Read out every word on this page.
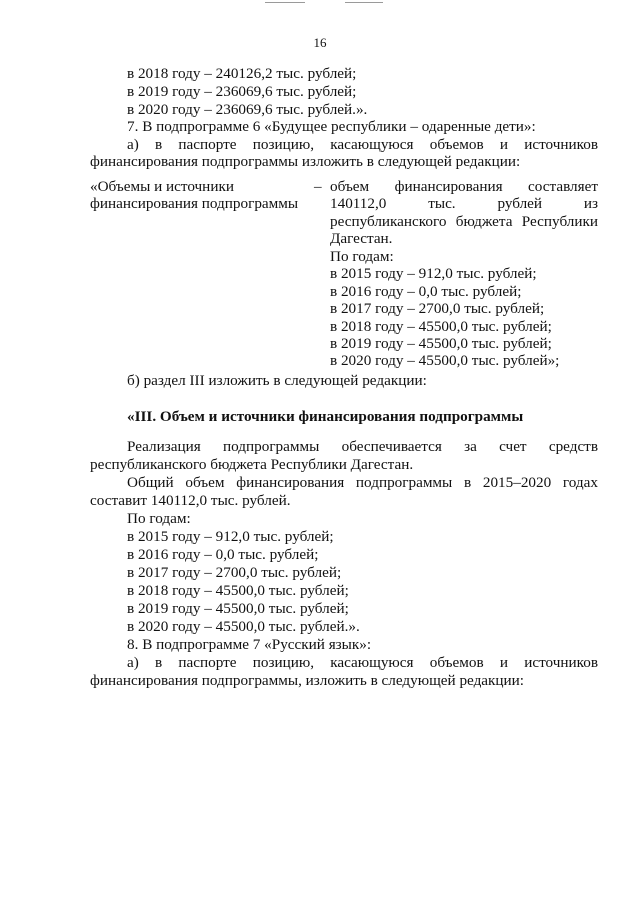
16
в 2018 году – 240126,2 тыс. рублей;
в 2019 году – 236069,6 тыс. рублей;
в 2020 году – 236069,6 тыс. рублей.».
7. В подпрограмме 6 «Будущее республики – одаренные дети»:
а) в паспорте позицию, касающуюся объемов и источников
финансирования подпрограммы изложить в следующей редакции:
«Объемы и источники
финансирования подпрограммы
– объем финансирования составляет
140112,0 тыс. рублей из
республиканского бюджета Республики
Дагестан.
По годам:
в 2015 году – 912,0 тыс. рублей;
в 2016 году – 0,0 тыс. рублей;
в 2017 году – 2700,0 тыс. рублей;
в 2018 году – 45500,0 тыс. рублей;
в 2019 году – 45500,0 тыс. рублей;
в 2020 году – 45500,0 тыс. рублей»;
б) раздел III изложить в следующей редакции:
«III. Объем и источники финансирования подпрограммы
Реализация подпрограммы обеспечивается за счет средств
республиканского бюджета Республики Дагестан.
Общий объем финансирования подпрограммы в 2015–2020 годах
составит 140112,0 тыс. рублей.
По годам:
в 2015 году – 912,0 тыс. рублей;
в 2016 году – 0,0 тыс. рублей;
в 2017 году – 2700,0 тыс. рублей;
в 2018 году – 45500,0 тыс. рублей;
в 2019 году – 45500,0 тыс. рублей;
в 2020 году – 45500,0 тыс. рублей.».
8. В подпрограмме 7 «Русский язык»:
а) в паспорте позицию, касающуюся объемов и источников
финансирования подпрограммы, изложить в следующей редакции:
